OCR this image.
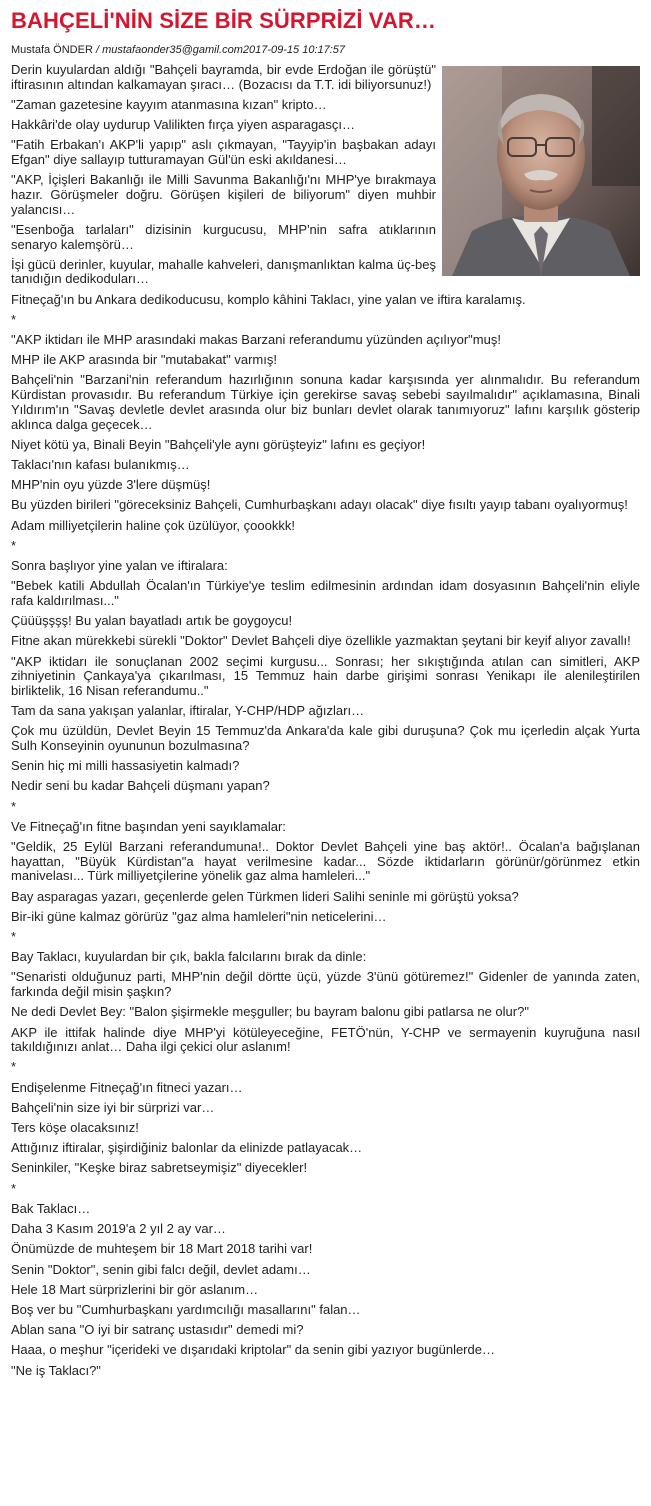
BAHÇELİ'NİN SİZE BİR SÜRPRİZİ VAR…
Mustafa ÖNDER / mustafaonder35@gamil.com2017-09-15 10:17:57

Derin kuyulardan aldığı "Bahçeli bayramda, bir evde Erdoğan ile görüştü" iftirasının altından kalkamayan şıracı… (Bozacısı da T.T. idi biliyorsunuz!)

"Zaman gazetesine kayyım atanmasına kızan" kripto…

Hakkâri'de olay uydurup Valilikten fırça yiyen asparagasçı…

"Fatih Erbakan'ı AKP'li yapıp" aslı çıkmayan, "Tayyip'in başbakan adayı Efgan" diye sallayıp tutturamayan Gül'ün eski akıldanesi…

"AKP, İçişleri Bakanlığı ile Milli Savunma Bakanlığı'nı MHP'ye bırakmaya hazır. Görüşmeler doğru. Görüşen kişileri de biliyorum" diyen muhbir yalancısı…

"Esenboğa tarlaları" dizisinin kurgucusu, MHP'nin safra atıklarının senaryo kalemşörü…

İşi gücü derinler, kuyular, mahalle kahveleri, danışmanlıktan kalma üç-beş tanıdığın dedikoduları…

Fitneçağ'ın bu Ankara dedikoducusu, komplo kâhini Taklacı, yine yalan ve iftira karalamış.

*

"AKP iktidarı ile MHP arasındaki makas Barzani referandumu yüzünden açılıyor"muş!

MHP ile AKP arasında bir "mutabakat" varmış!

Bahçeli'nin "Barzani'nin referandum hazırlığının sonuna kadar karşısında yer alınmalıdır. Bu referandum Kürdistan provasıdır. Bu referandum Türkiye için gerekirse savaş sebebi sayılmalıdır" açıklamasına, Binali Yıldırım'ın "Savaş devletle devlet arasında olur biz bunları devlet olarak tanımıyoruz" lafını karşılık gösterip aklınca dalga geçecek…

Niyet kötü ya, Binali Beyin "Bahçeli'yle aynı görüşteyiz" lafını es geçiyor!

Taklacı'nın kafası bulanıkmış…

MHP'nin oyu yüzde 3'lere düşmüş!

Bu yüzden birileri "göreceksiniz Bahçeli, Cumhurbaşkanı adayı olacak" diye fısıltı yayıp tabanı oyalıyormuş!

Adam milliyetçilerin haline çok üzülüyor, çoookkk!

*

Sonra başlıyor yine yalan ve iftiralara:

"Bebek katili Abdullah Öcalan'ın Türkiye'ye teslim edilmesinin ardından idam dosyasının Bahçeli'nin eliyle rafa kaldırılması..."

Çüüüşşşş! Bu yalan bayatladı artık be goygoycu!

Fitne akan mürekkebi sürekli "Doktor" Devlet Bahçeli diye özellikle yazmaktan şeytani bir keyif alıyor zavallı!

"AKP iktidarı ile sonuçlanan 2002 seçimi kurgusu... Sonrası; her sıkıştığında atılan can simitleri, AKP zihniyetinin Çankaya'ya çıkarılması, 15 Temmuz hain darbe girişimi sonrası Yenikapı ile aleni​leştirilen birliktelik, 16 Nisan referandumu.."

Tam da sana yakışan yalanlar, iftiralar, Y-CHP/HDP ağızları…

Çok mu üzüldün, Devlet Beyin 15 Temmuz'da Ankara'da kale gibi duruşuna? Çok mu içerledin alçak Yurta Sulh Konseyinin oyununun bozulmasına?

Senin hiç mi milli hassasiyetin kalmadı?

Nedir seni bu kadar Bahçeli düşmanı yapan?

*

Ve Fitneçağ'ın fitne başından yeni sayıklamalar:

"Geldik, 25 Eylül Barzani referandumuna!.. Doktor Devlet Bahçeli yine baş aktör!.. Öcalan'a bağışlanan hayattan, "Büyük Kürdistan"a hayat verilmesine kadar... Sözde iktidarların görünür/görünmez etkin manivelası... Türk milliyetçilerine yönelik gaz alma hamleleri..."

Bay asparagas yazarı, geçenlerde gelen Türkmen lideri Salihi seninle mi görüştü yoksa?

Bir-iki güne kalmaz görürüz "gaz alma hamleleri"nin neticelerini…

*

Bay Taklacı, kuyulardan bir çık, bakla falcılarını bırak da dinle:

"Senaristi olduğunuz parti, MHP'nin değil dörtte üçü, yüzde 3'ünü götüremez!" Gidenler de yanında zaten, farkında değil misin şaşkın?

Ne dedi Devlet Bey: "Balon şişirmekle meşguller; bu bayram balonu gibi patlarsa ne olur?"

AKP ile ittifak halinde diye MHP'yi kötüleyeceğine, FETÖ'nün, Y-CHP ve sermayenin kuyruğuna nasıl takıldığınızı anlat… Daha ilgi çekici olur aslanım!

*

Endişelenme Fitneçağ'ın fitneci yazarı…

Bahçeli'nin size iyi bir sürprizi var…

Ters köşe olacaksınız!

Attığınız iftiralar, şişirdiğiniz balonlar da elinizde patlayacak…

Seninkiler, "Keşke biraz sabretseymişiz" diyecekler!

*

Bak Taklacı…

Daha 3 Kasım 2019'a 2 yıl 2 ay var…

Önümüzde de muhteşem bir 18 Mart 2018 tarihi var!

Senin "Doktor", senin gibi falcı değil, devlet adamı…

Hele 18 Mart sürprizlerini bir gör aslanım…

Boş ver bu "Cumhurbaşkanı yardımcılığı masallarını" falan…

Ablan sana "O iyi bir satranç ustasıdır" demedi mi?

Haaa, o meşhur "içerideki ve dışarıdaki kriptolar" da senin gibi yazıyor bugünlerde…

"Ne iş Taklacı?"
